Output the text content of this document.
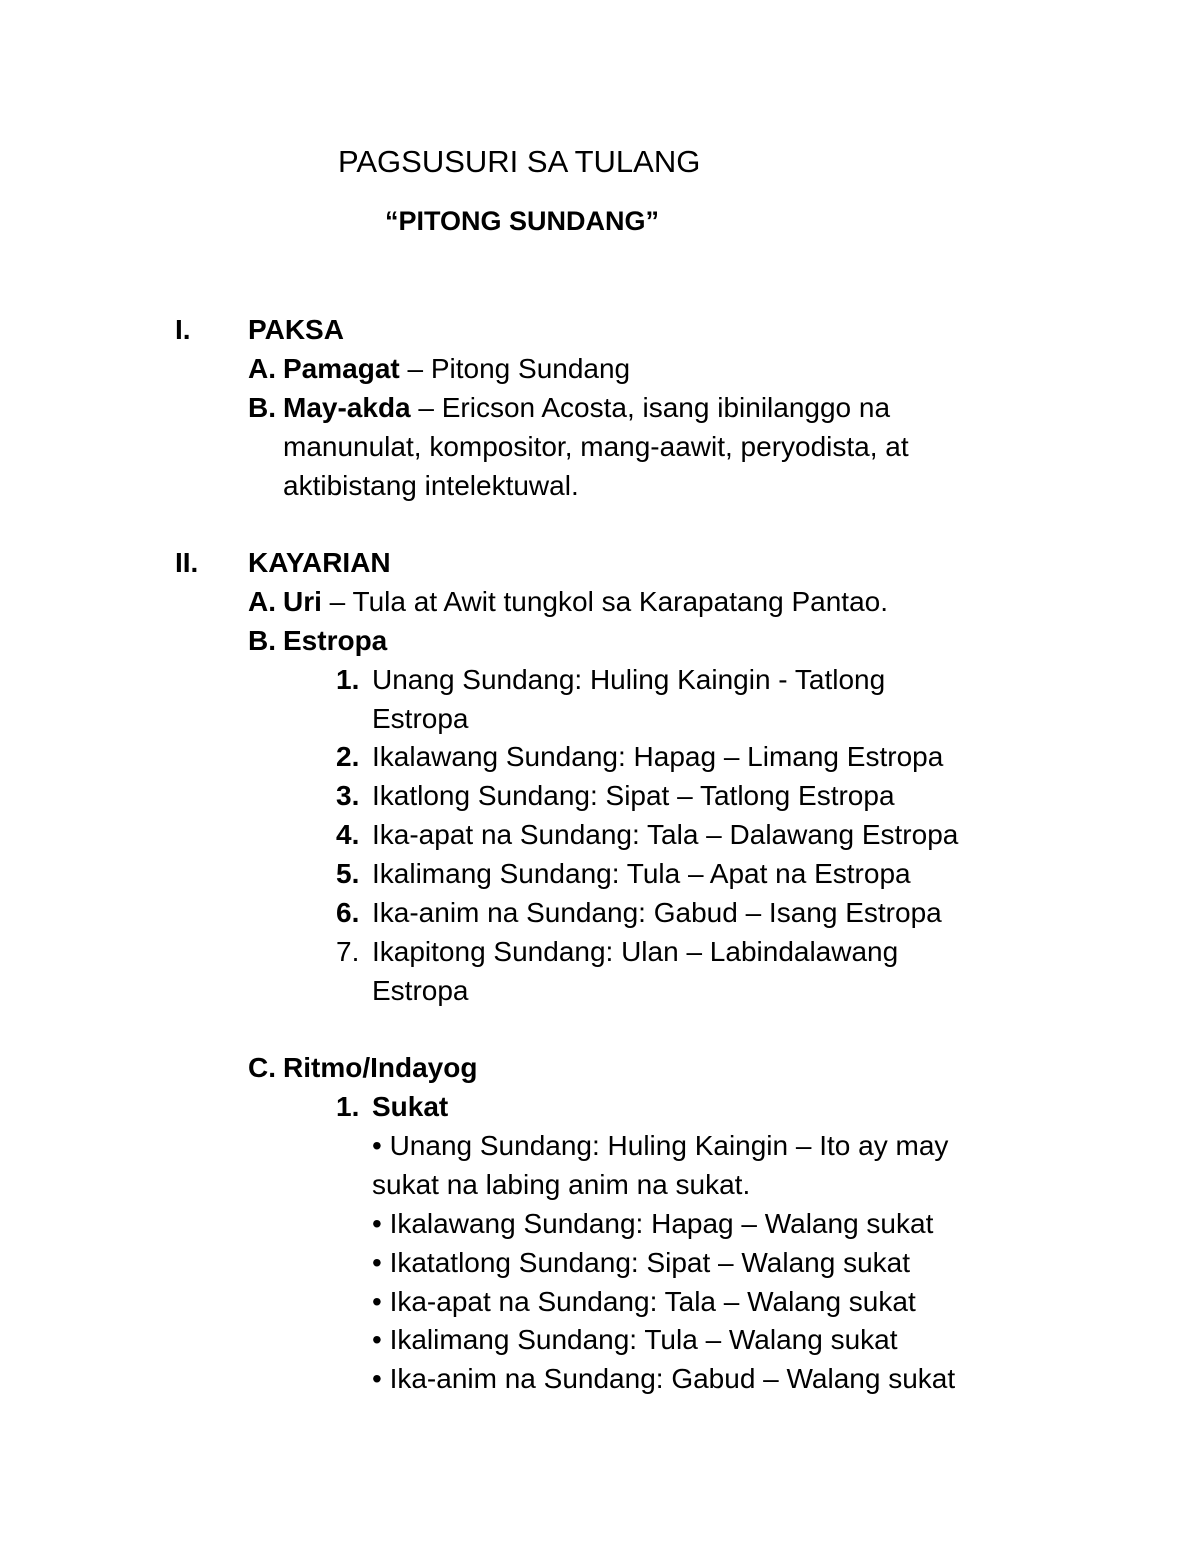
PAGSUSURI SA TULANG
“PITONG SUNDANG”
I. PAKSA
A. Pamagat – Pitong Sundang
B. May-akda – Ericson Acosta, isang ibinilanggo na
manunulat, kompositor, mang-aawit, peryodista, at
aktibistang intelektuwal.
II. KAYARIAN
A. Uri – Tula at Awit tungkol sa Karapatang Pantao.
B. Estropa
1. Unang Sundang: Huling Kaingin - Tatlong
Estropa
2. Ikalawang Sundang: Hapag – Limang Estropa
3. Ikatlong Sundang: Sipat – Tatlong Estropa
4. Ika-apat na Sundang: Tala – Dalawang Estropa
5. Ikalimang Sundang: Tula – Apat na Estropa
6. Ika-anim na Sundang: Gabud – Isang Estropa
7. Ikapitong Sundang: Ulan – Labindalawang
Estropa
C. Ritmo/Indayog
1. Sukat
• Unang Sundang: Huling Kaingin – Ito ay may
sukat na labing anim na sukat.
• Ikalawang Sundang: Hapag – Walang sukat
• Ikatatlong Sundang: Sipat – Walang sukat
• Ika-apat na Sundang: Tala – Walang sukat
• Ikalimang Sundang: Tula – Walang sukat
• Ika-anim na Sundang: Gabud – Walang sukat
